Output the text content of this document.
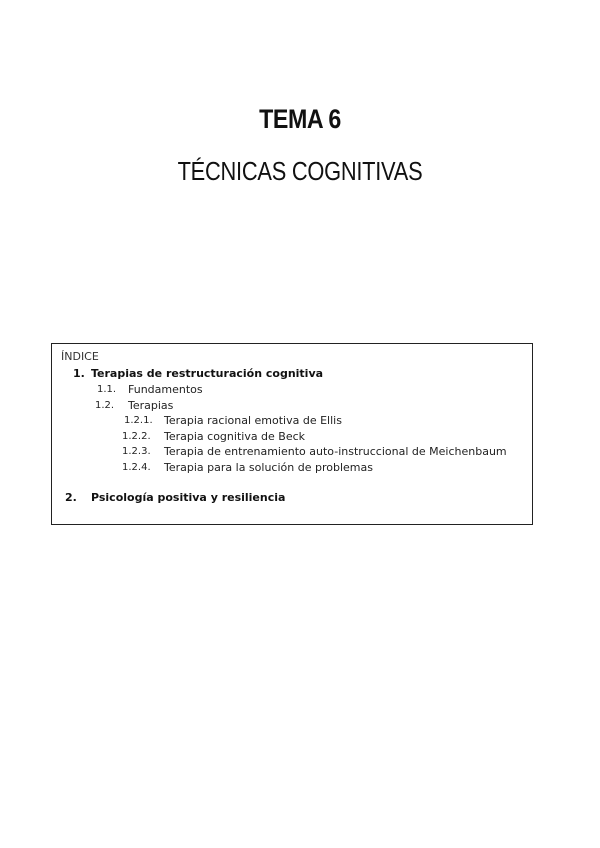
TEMA 6
TÉCNICAS COGNITIVAS
ÍNDICE
1. Terapias de restructuración cognitiva
1.1. Fundamentos
1.2. Terapias
1.2.1. Terapia racional emotiva de Ellis
1.2.2. Terapia cognitiva de Beck
1.2.3. Terapia de entrenamiento auto-instruccional de Meichenbaum
1.2.4. Terapia para la solución de problemas
2. Psicología positiva y resiliencia
